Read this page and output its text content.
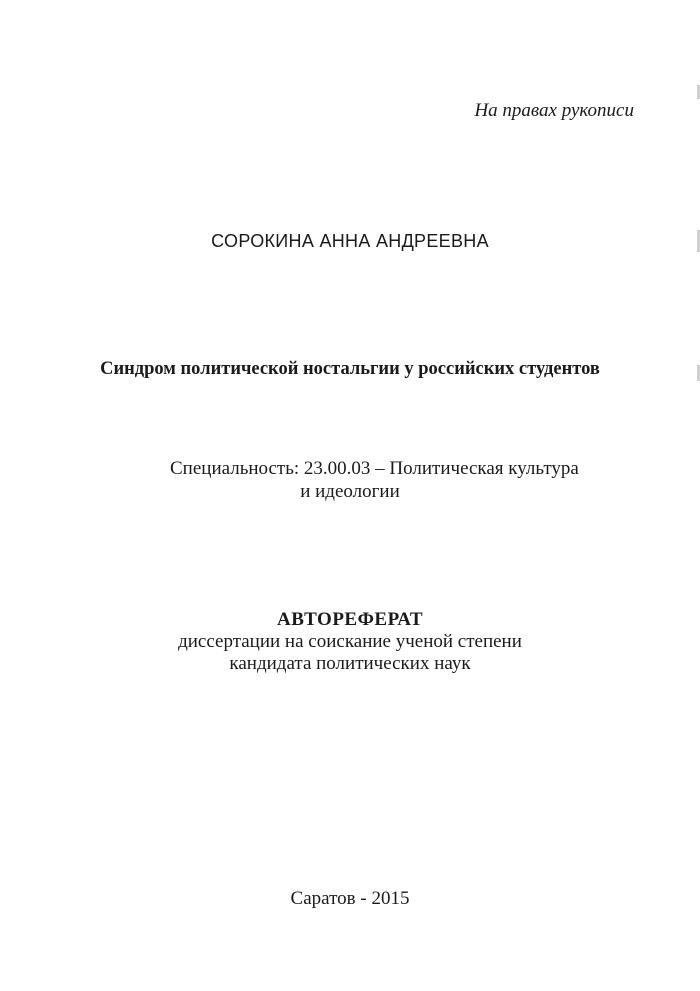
На правах рукописи
СОРОКИНА АННА АНДРЕЕВНА
Синдром политической ностальгии у российских студентов
Специальность: 23.00.03 – Политическая культура
и идеологии
АВТОРЕФЕРАТ
диссертации на соискание ученой степени
кандидата политических наук
Саратов - 2015
